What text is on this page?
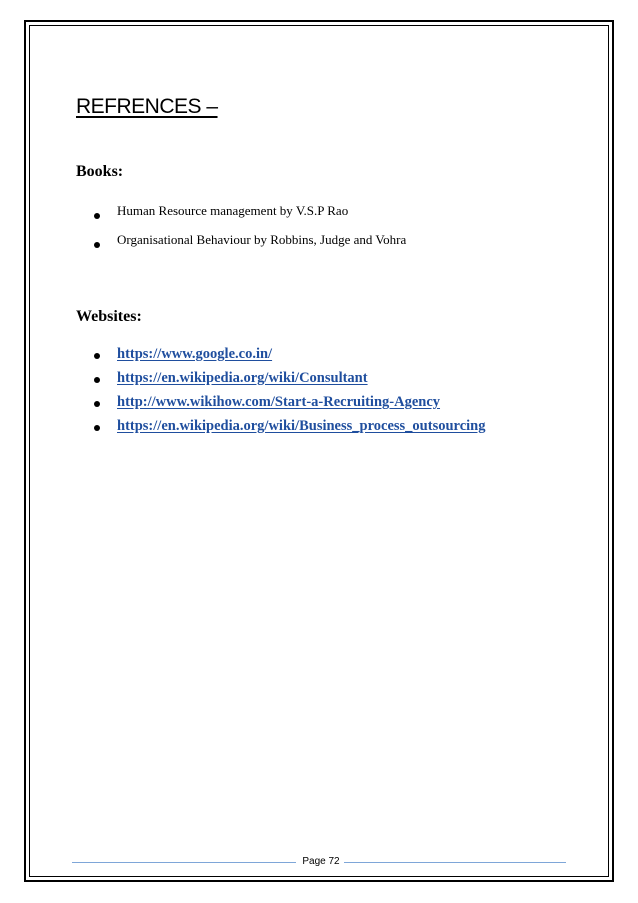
REFRENCES –
Books:
Human Resource management by V.S.P Rao
Organisational Behaviour by Robbins, Judge and Vohra
Websites:
https://www.google.co.in/
https://en.wikipedia.org/wiki/Consultant
http://www.wikihow.com/Start-a-Recruiting-Agency
https://en.wikipedia.org/wiki/Business_process_outsourcing
Page 72
